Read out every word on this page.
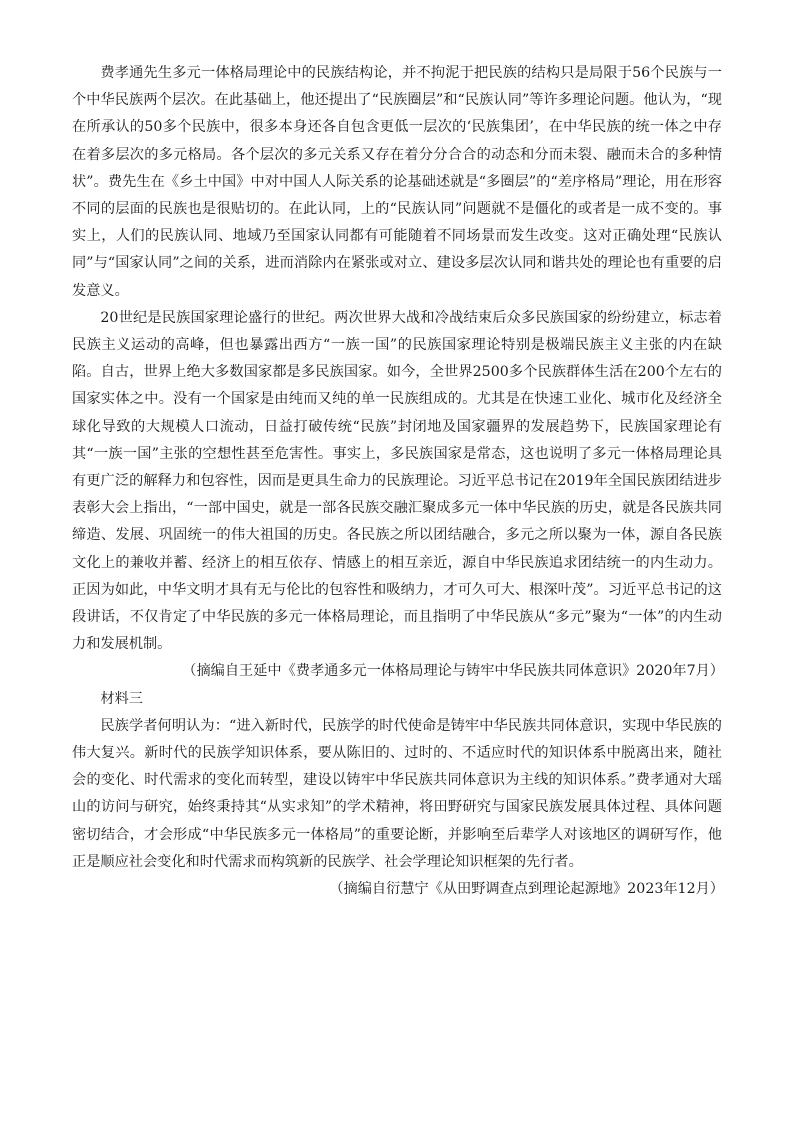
费孝通先生多元一体格局理论中的民族结构论，并不拘泥于把民族的结构只是局限于56个民族与一个中华民族两个层次。在此基础上，他还提出了“民族圈层”和“民族认同”等许多理论问题。他认为，“现在所承认的50多个民族中，很多本身还各自包含更低一层次的‘民族集团’，在中华民族的统一体之中存在着多层次的多元格局。各个层次的多元关系又存在着分分合合的动态和分而未裂、融而未合的多种情状”。费先生在《乡土中国》中对中国人人际关系的论基础述就是“多圈层”的“差序格局”理论，用在形容不同的层面的民族也是很贴切的。在此认同，上的“民族认同”问题就不是僵化的或者是一成不变的。事实上，人们的民族认同、地域乃至国家认同都有可能随着不同场景而发生改变。这对正确处理“民族认同”与“国家认同”之间的关系，进而消除内在紧张或对立、建设多层次认同和谐共处的理论也有重要的启发意义。

20世纪是民族国家理论盛行的世纪。两次世界大战和冷战结束后众多民族国家的纷纷建立，标志着民族主义运动的高峰，但也暴露出西方“一族一国”的民族国家理论特别是极端民族主义主张的内在缺陷。自古，世界上绝大多数国家都是多民族国家。如今，全世界2500多个民族群体生活在200个左右的国家实体之中。没有一个国家是由纯而又纯的单一民族组成的。尤其是在快速工业化、城市化及经济全球化导致的大规模人口流动，日益打破传统“民族”封闭地及国家疆界的发展趋势下，民族国家理论有其“一族一国”主张的空想性甚至危害性。事实上，多民族国家是常态，这也说明了多元一体格局理论具有更广泛的解释力和包容性，因而是更具生命力的民族理论。习近平总书记在2019年全国民族团结进步表彰大会上指出，“一部中国史，就是一部各民族交融汇聚成多元一体中华民族的历史，就是各民族共同缔造、发展、巩固统一的伟大祖国的历史。各民族之所以团结融合，多元之所以聚为一体，源自各民族文化上的兼收并蓄、经济上的相互依存、情感上的相互亲近，源自中华民族追求团结统一的内生动力。正因为如此，中华文明才具有无与伦比的包容性和吸纳力，才可久可大、根深叶茂”。习近平总书记的这段讲话，不仅肯定了中华民族的多元一体格局理论，而且指明了中华民族从“多元”聚为“一体”的内生动力和发展机制。

（摘编自王延中《费孝通多元一体格局理论与铸牢中华民族共同体意识》2020年7月）

材料三

民族学者何明认为：“进入新时代，民族学的时代使命是铸牢中华民族共同体意识，实现中华民族的伟大复兴。新时代的民族学知识体系，要从陈旧的、过时的、不适应时代的知识体系中脱离出来，随社会的变化、时代需求的变化而转型，建设以铸牢中华民族共同体意识为主线的知识体系。”费孝通对大瑶山的访问与研究，始终秉持其“从实求知”的学术精神，将田野研究与国家民族发展具体过程、具体问题密切结合，才会形成“中华民族多元一体格局”的重要论断，并影响至后辈学人对该地区的调研写作，他正是顺应社会变化和时代需求而构筑新的民族学、社会学理论知识框架的先行者。

（摘编自衍慧宁《从田野调查点到理论起源地》2023年12月）
